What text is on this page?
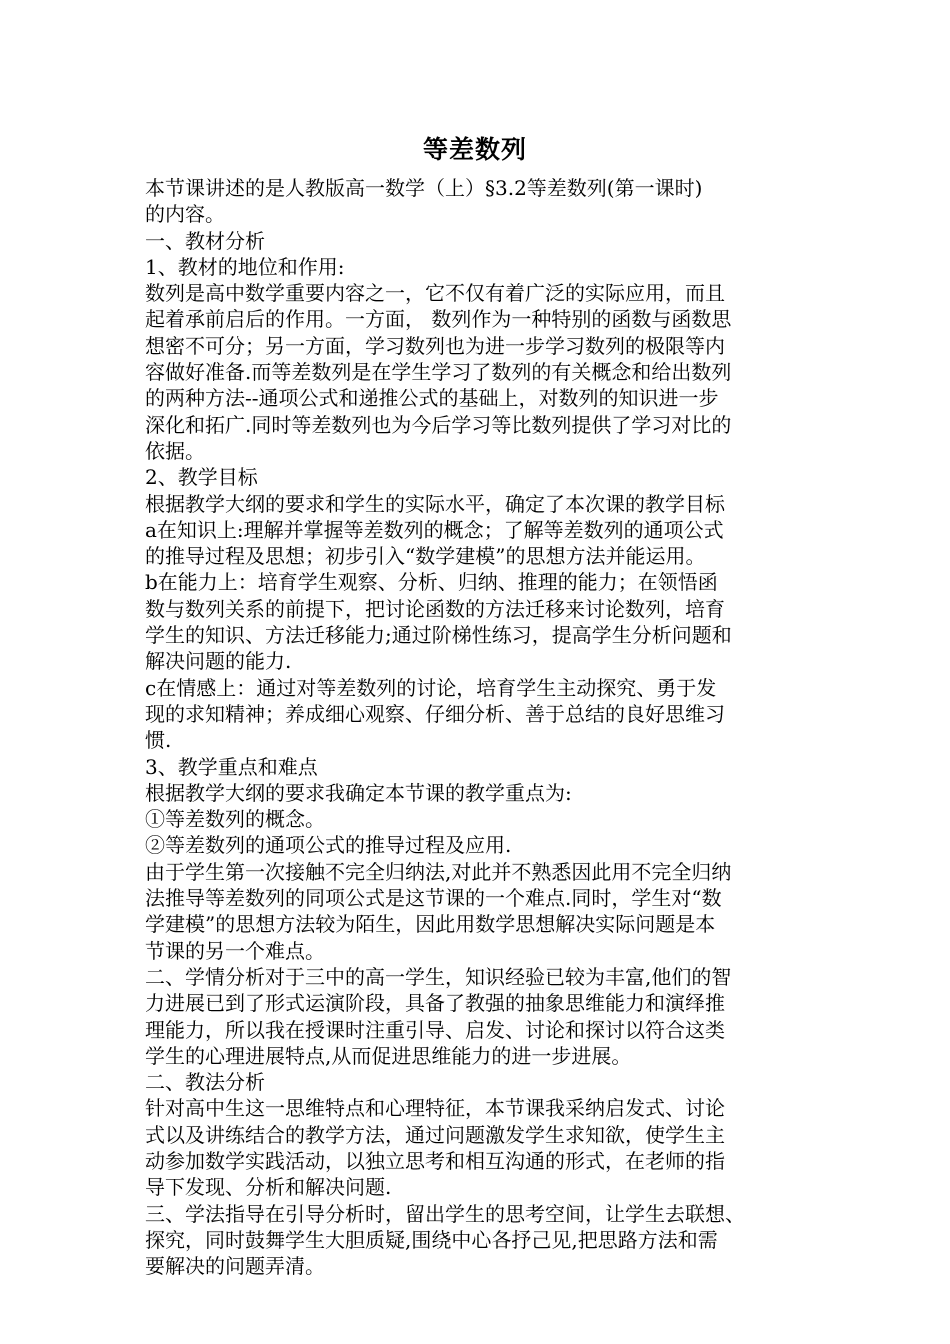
等差数列
本节课讲述的是人教版高一数学（上）§3.2等差数列(第一课时)
的内容。
一、教材分析
1、教材的地位和作用:
数列是高中数学重要内容之一，它不仅有着广泛的实际应用，而且
起着承前启后的作用。一方面， 数列作为一种特别的函数与函数思
想密不可分；另一方面，学习数列也为进一步学习数列的极限等内
容做好准备.而等差数列是在学生学习了数列的有关概念和给出数列
的两种方法--通项公式和递推公式的基础上，对数列的知识进一步
深化和拓广.同时等差数列也为今后学习等比数列提供了学习对比的
依据。
2、教学目标
根据教学大纲的要求和学生的实际水平，确定了本次课的教学目标
a在知识上:理解并掌握等差数列的概念；了解等差数列的通项公式
的推导过程及思想；初步引入“数学建模”的思想方法并能运用。
b在能力上：培育学生观察、分析、归纳、推理的能力；在领悟函
数与数列关系的前提下，把讨论函数的方法迁移来讨论数列，培育
学生的知识、方法迁移能力;通过阶梯性练习，提高学生分析问题和
解决问题的能力.
c在情感上：通过对等差数列的讨论，培育学生主动探究、勇于发
现的求知精神；养成细心观察、仔细分析、善于总结的良好思维习
惯.
3、教学重点和难点
根据教学大纲的要求我确定本节课的教学重点为:
①等差数列的概念。
②等差数列的通项公式的推导过程及应用.
由于学生第一次接触不完全归纳法,对此并不熟悉因此用不完全归纳
法推导等差数列的同项公式是这节课的一个难点.同时，学生对“数
学建模”的思想方法较为陌生，因此用数学思想解决实际问题是本
节课的另一个难点。
二、学情分析对于三中的高一学生，知识经验已较为丰富,他们的智
力进展已到了形式运演阶段，具备了教强的抽象思维能力和演绎推
理能力，所以我在授课时注重引导、启发、讨论和探讨以符合这类
学生的心理进展特点,从而促进思维能力的进一步进展。
二、教法分析
针对高中生这一思维特点和心理特征，本节课我采纳启发式、讨论
式以及讲练结合的教学方法，通过问题激发学生求知欲，使学生主
动参加数学实践活动，以独立思考和相互沟通的形式，在老师的指
导下发现、分析和解决问题.
三、学法指导在引导分析时，留出学生的思考空间，让学生去联想、
探究，同时鼓舞学生大胆质疑,围绕中心各抒己见,把思路方法和需
要解决的问题弄清。
